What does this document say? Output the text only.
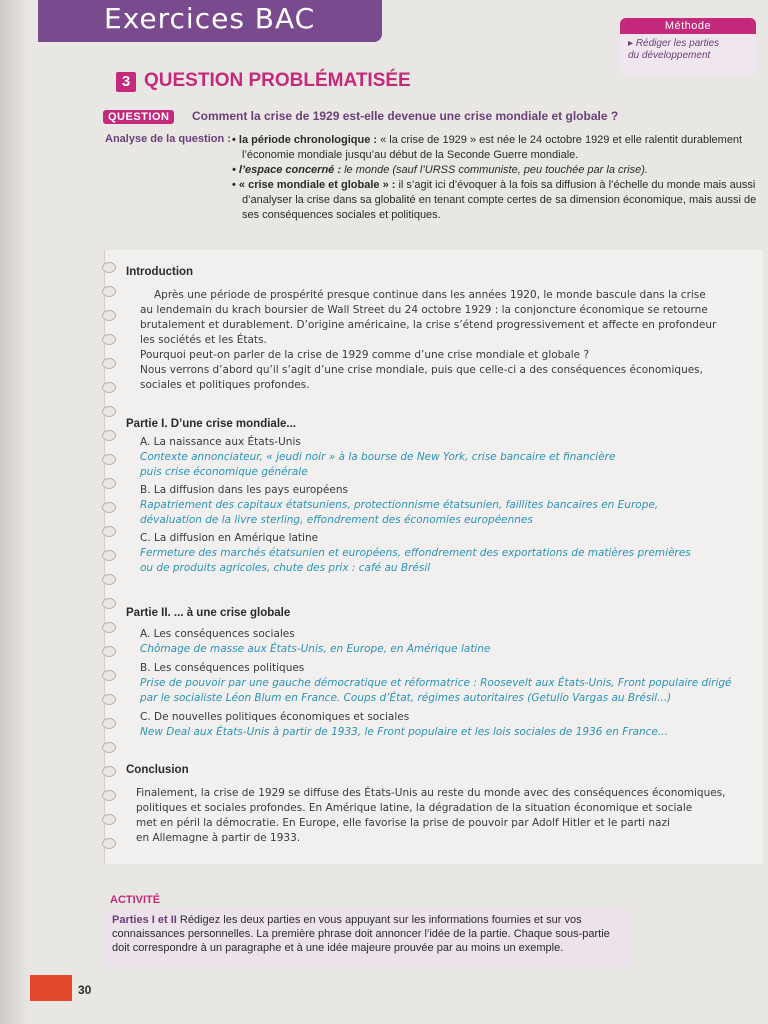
Exercices BAC	Méthode
▸ Rédiger les parties
du développement
3 QUESTION PROBLÉMATISÉE
QUESTION	Comment la crise de 1929 est-elle devenue une crise mondiale et globale ?
Analyse de la question : • la période chronologique : « la crise de 1929 » est née le 24 octobre 1929 et elle ralentit durablement l’économie mondiale jusqu’au début de la Seconde Guerre mondiale.
• l’espace concerné : le monde (sauf l’URSS communiste, peu touchée par la crise).
• « crise mondiale et globale » : il s’agit ici d’évoquer à la fois sa diffusion à l’échelle du monde mais aussi d’analyser la crise dans sa globalité en tenant compte certes de sa dimension économique, mais aussi de ses conséquences sociales et politiques.
Introduction
Après une période de prospérité presque continue dans les années 1920, le monde bascule dans la crise
au lendemain du krach boursier de Wall Street du 24 octobre 1929 : la conjoncture économique se retourne
brutalement et durablement. D’origine américaine, la crise s’étend progressivement et affecte en profondeur
les sociétés et les États.
Pourquoi peut-on parler de la crise de 1929 comme d’une crise mondiale et globale ?
Nous verrons d’abord qu’il s’agit d’une crise mondiale, puis que celle-ci a des conséquences économiques,
sociales et politiques profondes.
Partie I. D’une crise mondiale...
A. La naissance aux États-Unis
Contexte annonciateur, « jeudi noir » à la bourse de New York, crise bancaire et financière
puis crise économique générale
B. La diffusion dans les pays européens
Rapatriement des capitaux étatsuniens, protectionnisme étatsunien, faillites bancaires en Europe,
dévaluation de la livre sterling, effondrement des économies européennes
C. La diffusion en Amérique latine
Fermeture des marchés étatsunien et européens, effondrement des exportations de matières premières
ou de produits agricoles, chute des prix : café au Brésil
Partie II. ... à une crise globale
A. Les conséquences sociales
Chômage de masse aux États-Unis, en Europe, en Amérique latine
B. Les conséquences politiques
Prise de pouvoir par une gauche démocratique et réformatrice : Roosevelt aux États-Unis, Front populaire dirigé
par le socialiste Léon Blum en France. Coups d’État, régimes autoritaires (Getulio Vargas au Brésil...)
C. De nouvelles politiques économiques et sociales
New Deal aux États-Unis à partir de 1933, le Front populaire et les lois sociales de 1936 en France...
Conclusion
Finalement, la crise de 1929 se diffuse des États-Unis au reste du monde avec des conséquences économiques,
politiques et sociales profondes. En Amérique latine, la dégradation de la situation économique et sociale
met en péril la démocratie. En Europe, elle favorise la prise de pouvoir par Adolf Hitler et le parti nazi
en Allemagne à partir de 1933.
ACTIVITÉ
Parties I et II Rédigez les deux parties en vous appuyant sur les informations fournies et sur vos connaissances personnelles. La première phrase doit annoncer l’idée de la partie. Chaque sous-partie doit correspondre à un paragraphe et à une idée majeure prouvée par au moins un exemple.
30
